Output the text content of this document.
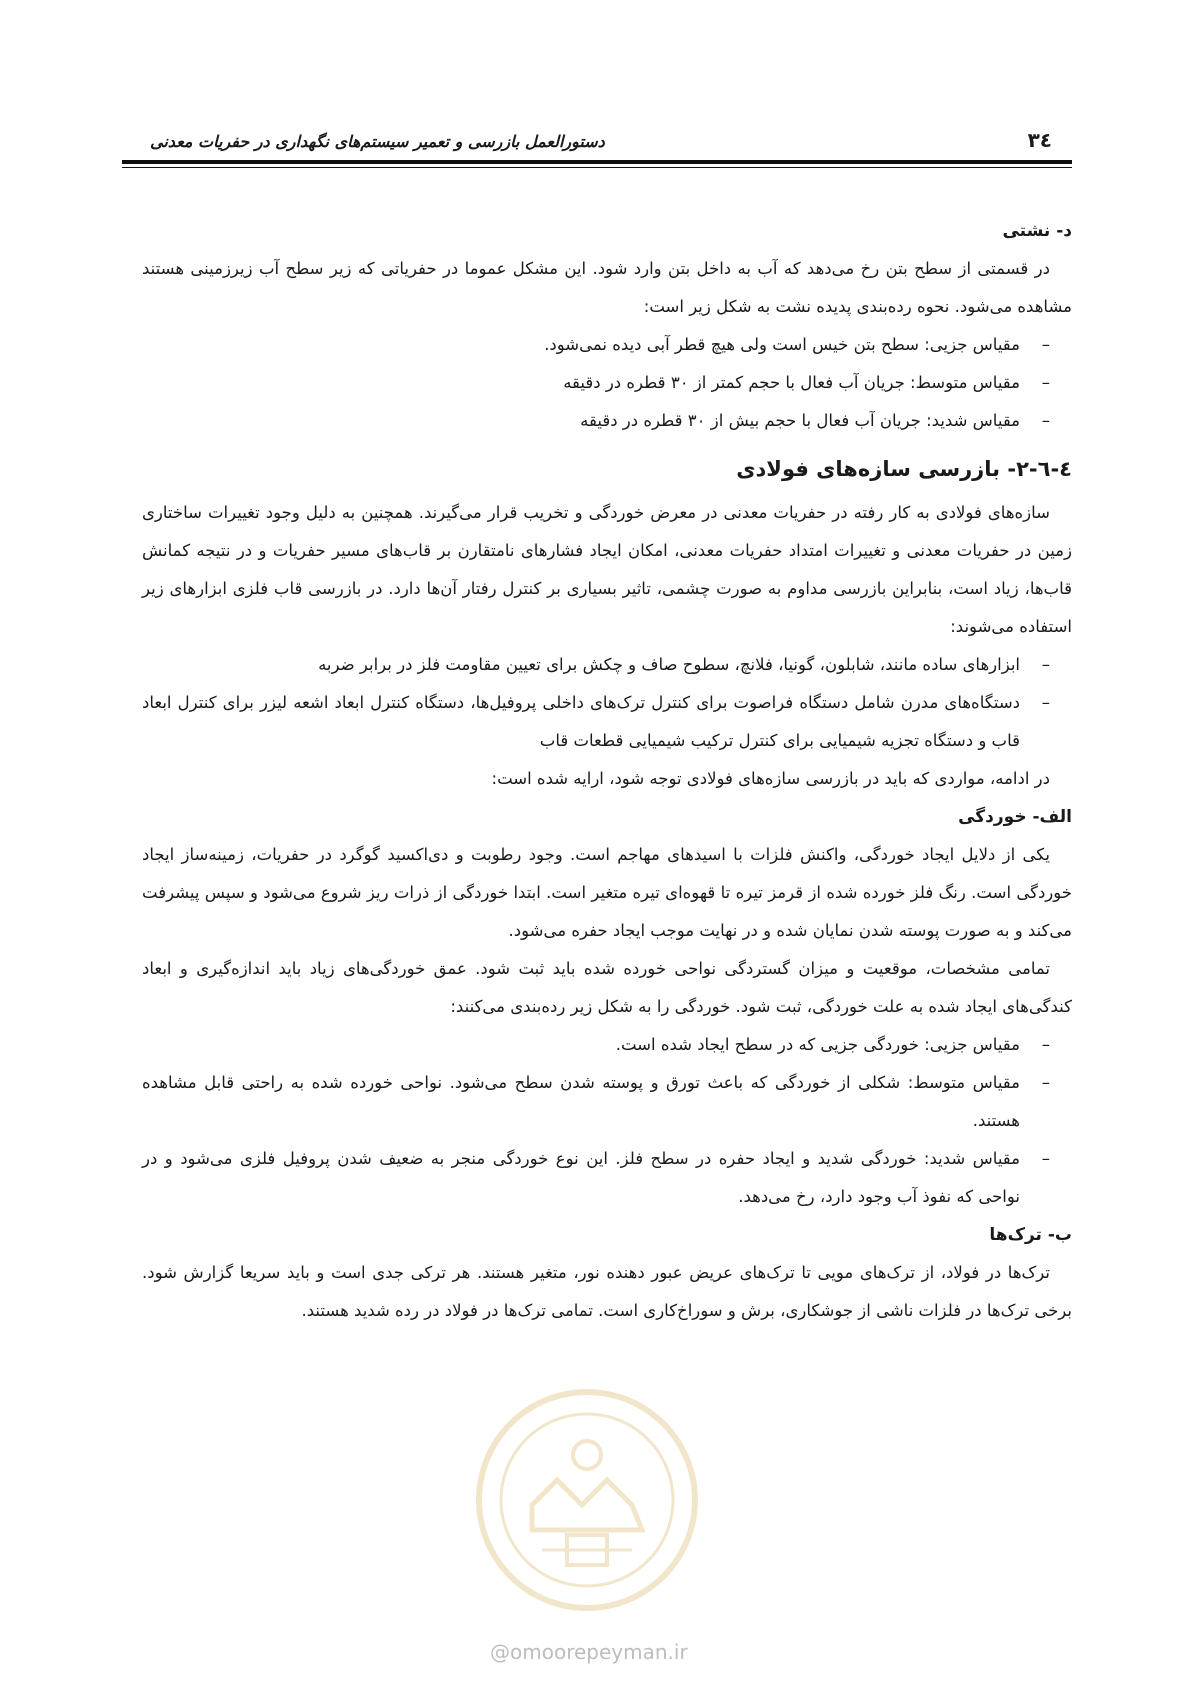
دستورالعمل بازرسی و تعمیر سیستم‌های نگهداری در حفریات معدنی	۳٤
د- نشتی

در قسمتی از سطح بتن رخ می‌دهد که آب به داخل بتن وارد شود. این مشکل عموما در حفریاتی که زیر سطح آب زیرزمینی هستند مشاهده می‌شود. نحوه رده‌بندی پدیده نشت به شکل زیر است:

– مقیاس جزیی: سطح بتن خیس است ولی هیچ قطر آبی دیده نمی‌شود.
– مقیاس متوسط: جریان آب فعال با حجم کمتر از ۳۰ قطره در دقیقه
– مقیاس شدید: جریان آب فعال با حجم بیش از ۳۰ قطره در دقیقه
٤-٦-۲- بازرسی سازه‌های فولادی

سازه‌های فولادی به کار رفته در حفریات معدنی در معرض خوردگی و تخریب قرار می‌گیرند. همچنین به دلیل وجود تغییرات ساختاری زمین در حفریات معدنی و تغییرات امتداد حفریات معدنی، امکان ایجاد فشارهای نامتقارن بر قاب‌های مسیر حفریات و در نتیجه کمانش قاب‌ها، زیاد است، بنابراین بازرسی مداوم به صورت چشمی، تاثیر بسیاری بر کنترل رفتار آن‌ها دارد. در بازرسی قاب فلزی ابزارهای زیر استفاده می‌شوند:

– ابزارهای ساده مانند، شابلون، گونیا، فلانچ، سطوح صاف و چکش برای تعیین مقاومت فلز در برابر ضربه
– دستگاه‌های مدرن شامل دستگاه فراصوت برای کنترل ترک‌های داخلی پروفیل‌ها، دستگاه کنترل ابعاد اشعه لیزر برای کنترل ابعاد قاب و دستگاه تجزیه شیمیایی برای کنترل ترکیب شیمیایی قطعات قاب

در ادامه، مواردی که باید در بازرسی سازه‌های فولادی توجه شود، ارایه شده است:

الف- خوردگی

یکی از دلایل ایجاد خوردگی، واکنش فلزات با اسیدهای مهاجم است. وجود رطوبت و دی‌اکسید گوگرد در حفریات، زمینه‌ساز ایجاد خوردگی است. رنگ فلز خورده شده از قرمز تیره تا قهوه‌ای تیره متغیر است. ابتدا خوردگی از ذرات ریز شروع می‌شود و سپس پیشرفت می‌کند و به صورت پوسته شدن نمایان شده و در نهایت موجب ایجاد حفره می‌شود.

تمامی مشخصات، موقعیت و میزان گستردگی نواحی خورده شده باید ثبت شود. عمق خوردگی‌های زیاد باید اندازه‌گیری و ابعاد کندگی‌های ایجاد شده به علت خوردگی، ثبت شود. خوردگی را به شکل زیر رده‌بندی می‌کنند:

– مقیاس جزیی: خوردگی جزیی که در سطح ایجاد شده است.
– مقیاس متوسط: شکلی از خوردگی که باعث تورق و پوسته شدن سطح می‌شود. نواحی خورده شده به راحتی قابل مشاهده هستند.
– مقیاس شدید: خوردگی شدید و ایجاد حفره در سطح فلز. این نوع خوردگی منجر به ضعیف شدن پروفیل فلزی می‌شود و در نواحی که نفوذ آب وجود دارد، رخ می‌دهد.
ب- ترک‌ها

ترک‌ها در فولاد، از ترک‌های مویی تا ترک‌های عریض عبور دهنده نور، متغیر هستند. هر ترکی جدی است و باید سریعا گزارش شود. برخی ترک‌ها در فلزات ناشی از جوشکاری، برش و سوراخ‌کاری است. تمامی ترک‌ها در فولاد در رده شدید هستند.

@omoorepeyman.ir
